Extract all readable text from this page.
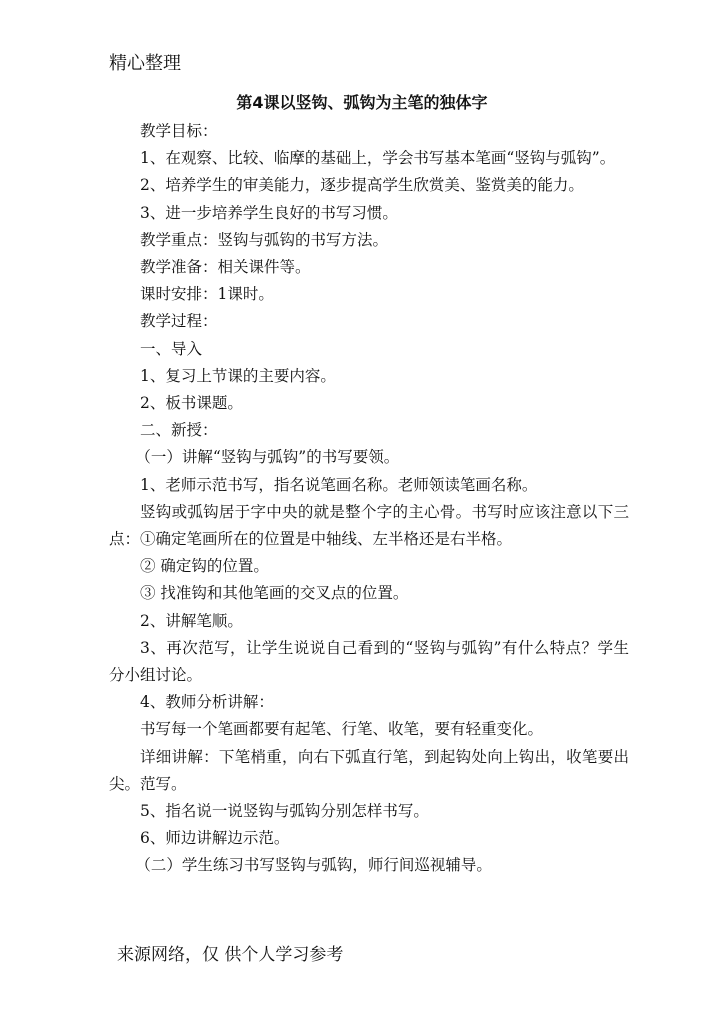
精心整理
第4课以竖钩、弧钩为主笔的独体字

教学目标：

1、在观察、比较、临摩的基础上，学会书写基本笔画“竖钩与弧钩”。

2、培养学生的审美能力，逐步提高学生欣赏美、鉴赏美的能力。

3、进一步培养学生良好的书写习惯。

教学重点：竖钩与弧钩的书写方法。

教学准备：相关课件等。

课时安排：1课时。

教学过程：

一、导入

1、复习上节课的主要内容。

2、板书课题。

二、新授：

（一）讲解“竖钩与弧钩”的书写要领。

1、老师示范书写，指名说笔画名称。老师领读笔画名称。

竖钩或弧钩居于字中央的就是整个字的主心骨。书写时应该注意以下三点：①确定笔画所在的位置是中轴线、左半格还是右半格。

② 确定钩的位置。

③ 找准钩和其他笔画的交叉点的位置。

2、讲解笔顺。

3、再次范写，让学生说说自己看到的“竖钩与弧钩”有什么特点？学生分小组讨论。

4、教师分析讲解：

书写每一个笔画都要有起笔、行笔、收笔，要有轻重变化。

详细讲解：下笔梢重，向右下弧直行笔，到起钩处向上钩出，收笔要出尖。范写。

5、指名说一说竖钩与弧钩分别怎样书写。

6、师边讲解边示范。

（二）学生练习书写竖钩与弧钩，师行间巡视辅导。

来源网络，仅 供个人学习参考
